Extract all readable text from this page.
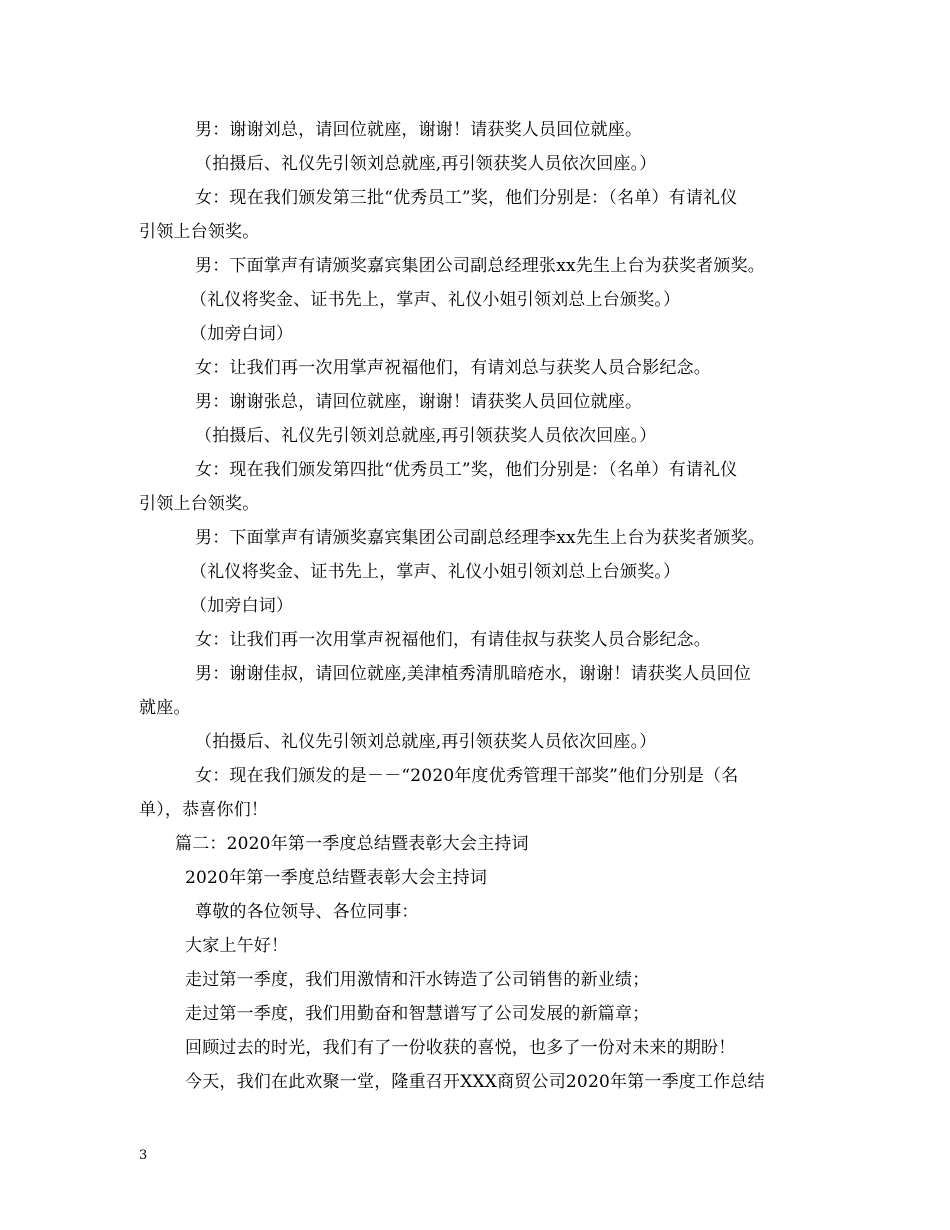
男：谢谢刘总，请回位就座，谢谢！请获奖人员回位就座。
（拍摄后、礼仪先引领刘总就座,再引领获奖人员依次回座。）
女：现在我们颁发第三批“优秀员工”奖，他们分别是：（名单）有请礼仪
引领上台领奖。
男：下面掌声有请颁奖嘉宾集团公司副总经理张xx先生上台为获奖者颁奖。
（礼仪将奖金、证书先上，掌声、礼仪小姐引领刘总上台颁奖。）
（加旁白词）
女：让我们再一次用掌声祝福他们，有请刘总与获奖人员合影纪念。
男：谢谢张总，请回位就座，谢谢！请获奖人员回位就座。
（拍摄后、礼仪先引领刘总就座,再引领获奖人员依次回座。）
女：现在我们颁发第四批“优秀员工”奖，他们分别是：（名单）有请礼仪
引领上台领奖。
男：下面掌声有请颁奖嘉宾集团公司副总经理李xx先生上台为获奖者颁奖。
（礼仪将奖金、证书先上，掌声、礼仪小姐引领刘总上台颁奖。）
（加旁白词）
女：让我们再一次用掌声祝福他们，有请佳叔与获奖人员合影纪念。
男：谢谢佳叔，请回位就座,美津植秀清肌暗疮水，谢谢！请获奖人员回位
就座。
（拍摄后、礼仪先引领刘总就座,再引领获奖人员依次回座。）
女：现在我们颁发的是－－“2020年度优秀管理干部奖”他们分别是（名
单），恭喜你们！
篇二：2020年第一季度总结暨表彰大会主持词
2020年第一季度总结暨表彰大会主持词
尊敬的各位领导、各位同事：
大家上午好！
走过第一季度，我们用激情和汗水铸造了公司销售的新业绩；
走过第一季度，我们用勤奋和智慧谱写了公司发展的新篇章；
回顾过去的时光，我们有了一份收获的喜悦，也多了一份对未来的期盼！
今天，我们在此欢聚一堂，隆重召开XXX商贸公司2020年第一季度工作总结
3
